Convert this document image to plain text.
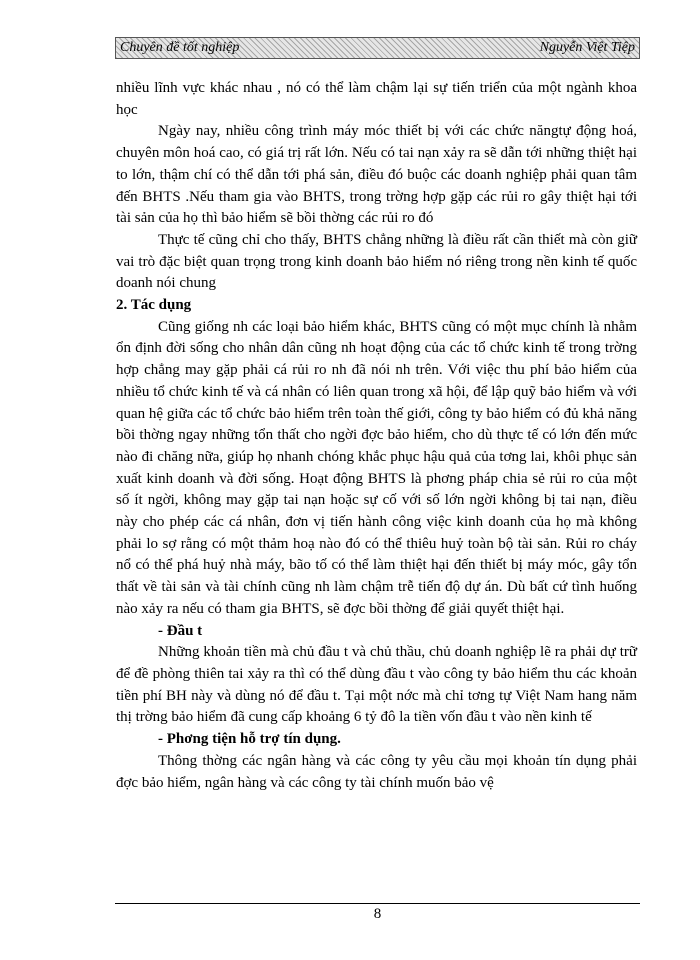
Chuyên đề tốt nghiệp	Nguyễn Việt Tiệp

nhiều lĩnh vực khác nhau , nó có thể làm chậm lại sự tiến triển của một ngành khoa học

Ngày nay, nhiều công trình máy móc thiết bị với các chức năngtự động hoá, chuyên môn hoá cao, có giá trị rất lớn. Nếu có tai nạn xảy ra sẽ dẫn tới những thiệt hại to lớn, thậm chí có thể dẫn tới phá sản, điều đó buộc các doanh nghiệp phải quan tâm đến BHTS .Nếu tham gia vào BHTS, trong trờng hợp gặp các rủi ro gây thiệt hại tới tài sản của họ thì bảo hiểm sẽ bồi thờng các rủi ro đó

Thực tế cũng chỉ cho thấy, BHTS chẳng những là điều rất cần thiết mà còn giữ vai trò đặc biệt quan trọng trong kinh doanh bảo hiểm nó riêng trong nền kinh tế quốc doanh nói chung

2. Tác dụng

Cũng giống nh các loại bảo hiểm khác, BHTS cũng có một mục chính là nhằm ổn định đời sống cho nhân dân cũng nh hoạt động của các tổ chức kinh tế trong trờng hợp chẳng may gặp phải cá rủi ro nh đã nói nh trên. Với việc thu phí bảo hiểm của nhiều tổ chức kinh tế và cá nhân có liên quan trong xã hội, để lập quỹ bảo hiểm và với quan hệ giữa các tổ chức bảo hiểm trên toàn thế giới, công ty bảo hiểm có đủ khả năng bồi thờng ngay những tổn thất cho ngời đợc bảo hiểm, cho dù thực tế có lớn đến mức nào đi chăng nữa, giúp họ nhanh chóng khắc phục hậu quả của tơng lai, khôi phục sản xuất kinh doanh và đời sống. Hoạt động BHTS là phơng pháp chia sẻ rủi ro của một số ít ngời, không may gặp tai nạn hoặc sự cố với số lớn ngời không bị tai nạn, điều này cho phép các cá nhân, đơn vị tiến hành công việc kinh doanh của họ mà không phải lo sợ rằng có một thảm hoạ nào đó có thể thiêu huỷ toàn bộ tài sản. Rủi ro cháy nổ có thể phá huỷ nhà máy, bão tố có thể làm thiệt hại đến thiết bị máy móc, gây tổn thất về tài sản và tài chính cũng nh làm chậm trễ tiến độ dự án. Dù bất cứ tình huống nào xảy ra nếu có tham gia BHTS, sẽ đợc bồi thờng để giải quyết thiệt hại.

- Đầu t

Những khoản tiền mà chủ đầu t và chủ thầu, chủ doanh nghiệp lẽ ra phải dự trữ để đề phòng thiên tai xảy ra thì có thể dùng đầu t vào công ty bảo hiểm thu các khoản tiền phí BH này và dùng nó để đầu t. Tại một nớc mà chỉ tơng tự Việt Nam hang năm thị trờng bảo hiểm đã cung cấp khoảng 6 tỷ đô la tiền vốn đầu t vào nền kinh tế

- Phơng tiện hỗ trợ tín dụng.

Thông thờng các ngân hàng và các công ty yêu cầu mọi khoản tín dụng phải đợc bảo hiểm, ngân hàng và các công ty tài chính muốn bảo vệ

8
